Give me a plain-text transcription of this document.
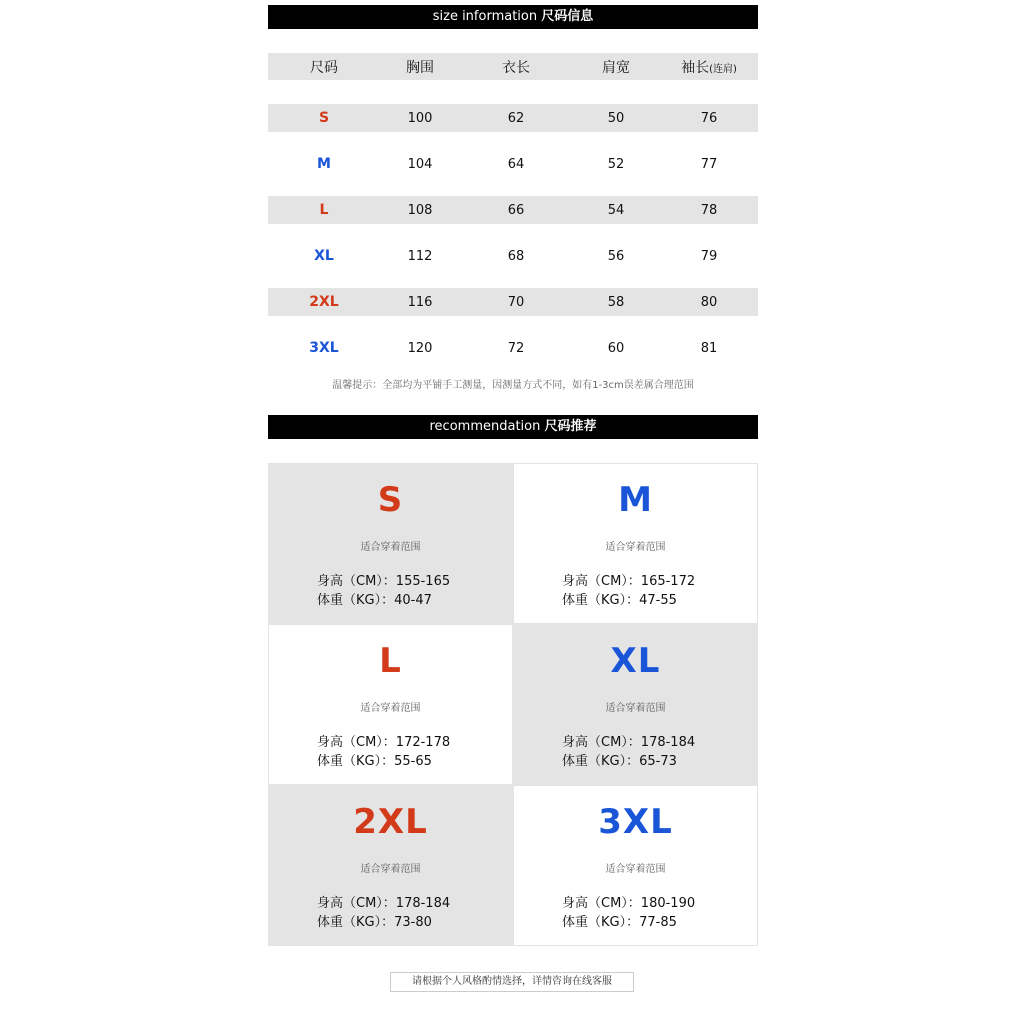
size information 尺码信息
尺码	胸围	衣长	肩宽	袖长(连肩)
S	100	62	50	76
M	104	64	52	77
L	108	66	54	78
XL	112	68	56	79
2XL	116	70	58	80
3XL	120	72	60	81
温馨提示：全部均为平铺手工测量，因测量方式不同，如有1-3cm误差属合理范围
recommendation 尺码推荐
S
适合穿着范围
身高（CM）：155-165
体重（KG）：40-47
M
适合穿着范围
身高（CM）：165-172
体重（KG）：47-55
L
适合穿着范围
身高（CM）：172-178
体重（KG）：55-65
XL
适合穿着范围
身高（CM）：178-184
体重（KG）：65-73
2XL
适合穿着范围
身高（CM）：178-184
体重（KG）：73-80
3XL
适合穿着范围
身高（CM）：180-190
体重（KG）：77-85
请根据个人风格酌情选择，详情咨询在线客服
